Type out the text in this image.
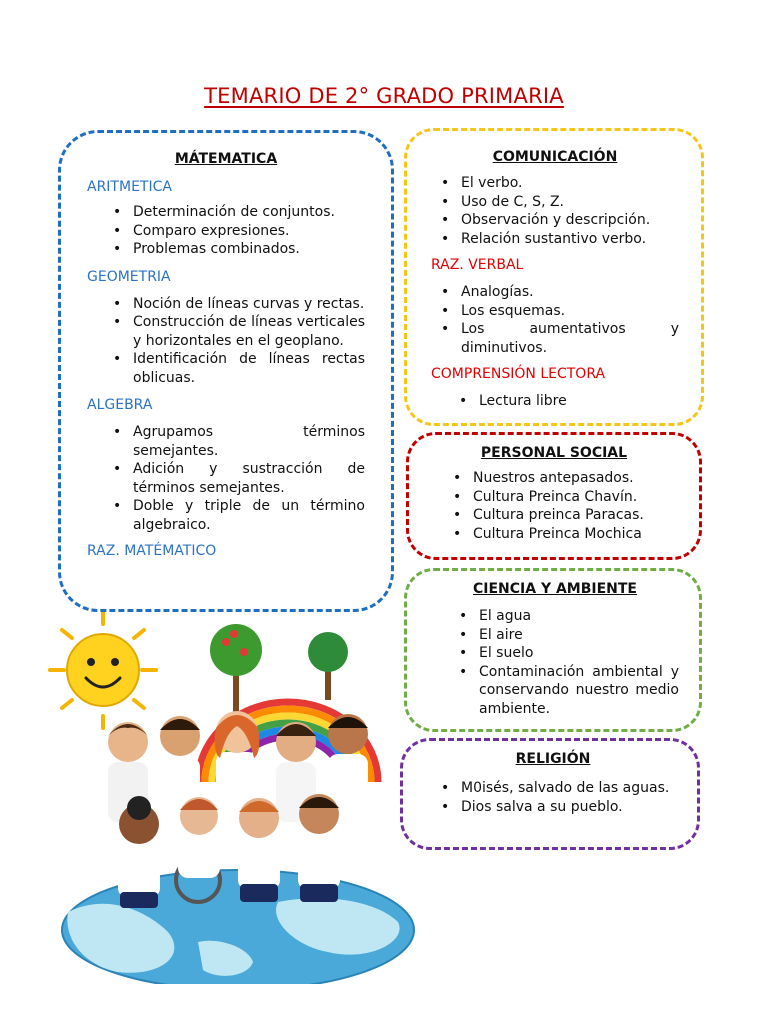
TEMARIO DE 2° GRADO PRIMARIA
MÁTEMATICA

ARITMETICA

• Determinación de conjuntos.
• Comparo expresiones.
• Problemas combinados.

GEOMETRIA

• Noción de líneas curvas y rectas.
• Construcción de líneas verticales y horizontales en el geoplano.
• Identificación de líneas rectas oblicuas.

ALGEBRA

• Agrupamos términos semejantes.
• Adición y sustracción de términos semejantes.
• Doble y triple de un término algebraico.

RAZ. MATÉMATICO

COMUNICACIÓN
• El verbo.
• Uso de C, S, Z.
• Observación y descripción.
• Relación sustantivo verbo.

RAZ. VERBAL

• Analogías.
• Los esquemas.
• Los aumentativos y diminutivos.

COMPRENSIÓN LECTORA

• Lectura libre
PERSONAL SOCIAL
• Nuestros antepasados.
• Cultura Preinca Chavín.
• Cultura preinca Paracas.
• Cultura Preinca Mochica
CIENCIA Y AMBIENTE
• El agua
• El aire
• El suelo
• Contaminación ambiental y conservando nuestro medio ambiente.
RELIGIÓN
• M0isés, salvado de las aguas.
• Dios salva a su pueblo.
